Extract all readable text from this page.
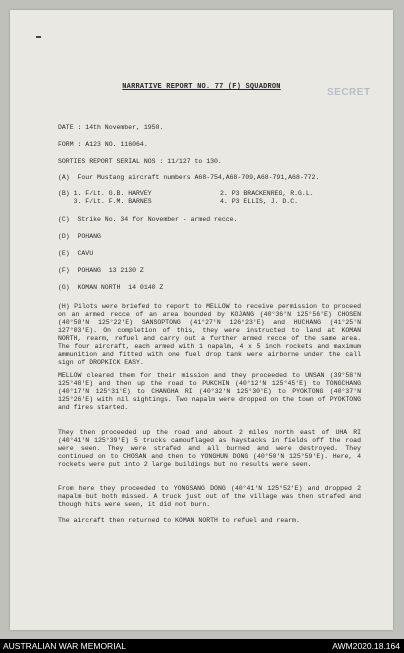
NARRATIVE REPORT NO. 77 (F) SQUADRON	SECRET
DATE : 14th November, 1950.
FORM : A123 NO. 116064.
SORTIES REPORT SERIAL NOS : 11/127 to 130.
(A)  Four Mustang aircraft numbers A68-754,A68-709,A68-791,A68-772.
(B) 1. F/Lt. G.B. HARVEY	2. P3 BRACKENREG, R.G.L.
3. F/Lt. F.M. BARNES	4. P3 ELLIS, J. D.C.
(C)  Strike No. 34 for November - armed recce.
(D)  POHANG
(E)  CAVU
(F)  POHANG  13 2130 Z
(G)  KOMAN NORTH  14 0140 Z
(H) Pilots were briefed to report to MELLOW to receive permission to proceed on an armed recce of an area bounded by KOJANG (40°36'N 125°56'E) CHOSEN (40°50'N 125°22'E) SANSOPTONG (41°27'N 126°23'E) and HUCHANG (41°25'N 127°03'E). On completion of this, they were instructed to land at KOMAN NORTH, rearm, refuel and carry out a further armed recce of the same area. The four aircraft, each armed with 1 napalm, 4 x 5 inch rockets and maximum ammunition and fitted with one fuel drop tank were airborne under the call sign of DROPKICK EASY.
MELLOW cleared them for their mission and they proceeded to UNSAN (39°58'N 125°48'E) and then up the road to PUKCHIN (40°12'N 125°45'E) to TONGCHANG (40°17'N 125°31'E) to CHANGHA RI (40°32'N 125°30'E) to PYOKTONG (40°37'N 125°26'E) with nil sightings. Two napalm were dropped on the town of PYOKTONG and fires started.
They then proceeded up the road and about 2 miles north east of UHA RI (40°41'N 125°39'E) 5 trucks camouflaged as haystacks in fields off the road were seen. They were strafed and all burned and were destroyed. They continued on to CHOSAN and then to YONGHUN DONG (40°50'N 125°59'E). Here, 4 rockets were put into 2 large buildings but no results were seen.
From here they proceeded to YONGSANG DONG (40°41'N 125°52'E) and dropped 2 napalm but both missed. A truck just out of the village was then strafed and though hits were seen, it did not burn.
The aircraft then returned to KOMAN NORTH to refuel and rearm.
AUSTRALIAN WAR MEMORIAL	AWM2020.18.164
